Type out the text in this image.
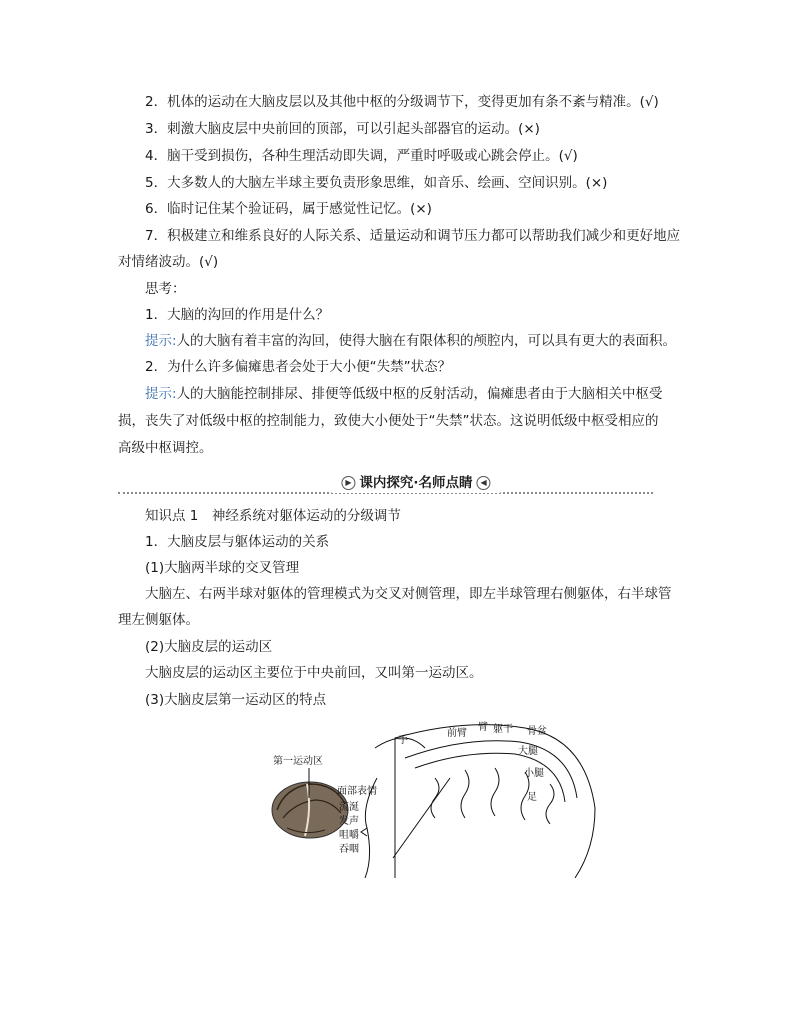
2．机体的运动在大脑皮层以及其他中枢的分级调节下，变得更加有条不紊与精准。(√)
3．刺激大脑皮层中央前回的顶部，可以引起头部器官的运动。(×)
4．脑干受到损伤，各种生理活动即失调，严重时呼吸或心跳会停止。(√)
5．大多数人的大脑左半球主要负责形象思维，如音乐、绘画、空间识别。(×)
6．临时记住某个验证码，属于感觉性记忆。(×)
7．积极建立和维系良好的人际关系、适量运动和调节压力都可以帮助我们减少和更好地应
对情绪波动。(√)
思考：
1．大脑的沟回的作用是什么？
提示:人的大脑有着丰富的沟回，使得大脑在有限体积的颅腔内，可以具有更大的表面积。
2．为什么许多偏瘫患者会处于大小便“失禁”状态？
提示:人的大脑能控制排尿、排便等低级中枢的反射活动，偏瘫患者由于大脑相关中枢受
损，丧失了对低级中枢的控制能力，致使大小便处于“失禁”状态。这说明低级中枢受相应的
高级中枢调控。
▶ 课内探究·名师点睛 ◀
知识点 1　神经系统对躯体运动的分级调节
1．大脑皮层与躯体运动的关系
(1)大脑两半球的交叉管理
大脑左、右两半球对躯体的管理模式为交叉对侧管理，即左半球管理右侧躯体，右半球管
理左侧躯体。
(2)大脑皮层的运动区
大脑皮层的运动区主要位于中央前回，又叫第一运动区。
(3)大脑皮层第一运动区的特点
第一运动区
手
前臂
臂 躯干 骨盆
大腿
小腿
足
面部表情
流涎
发声
咀嚼
吞咽
